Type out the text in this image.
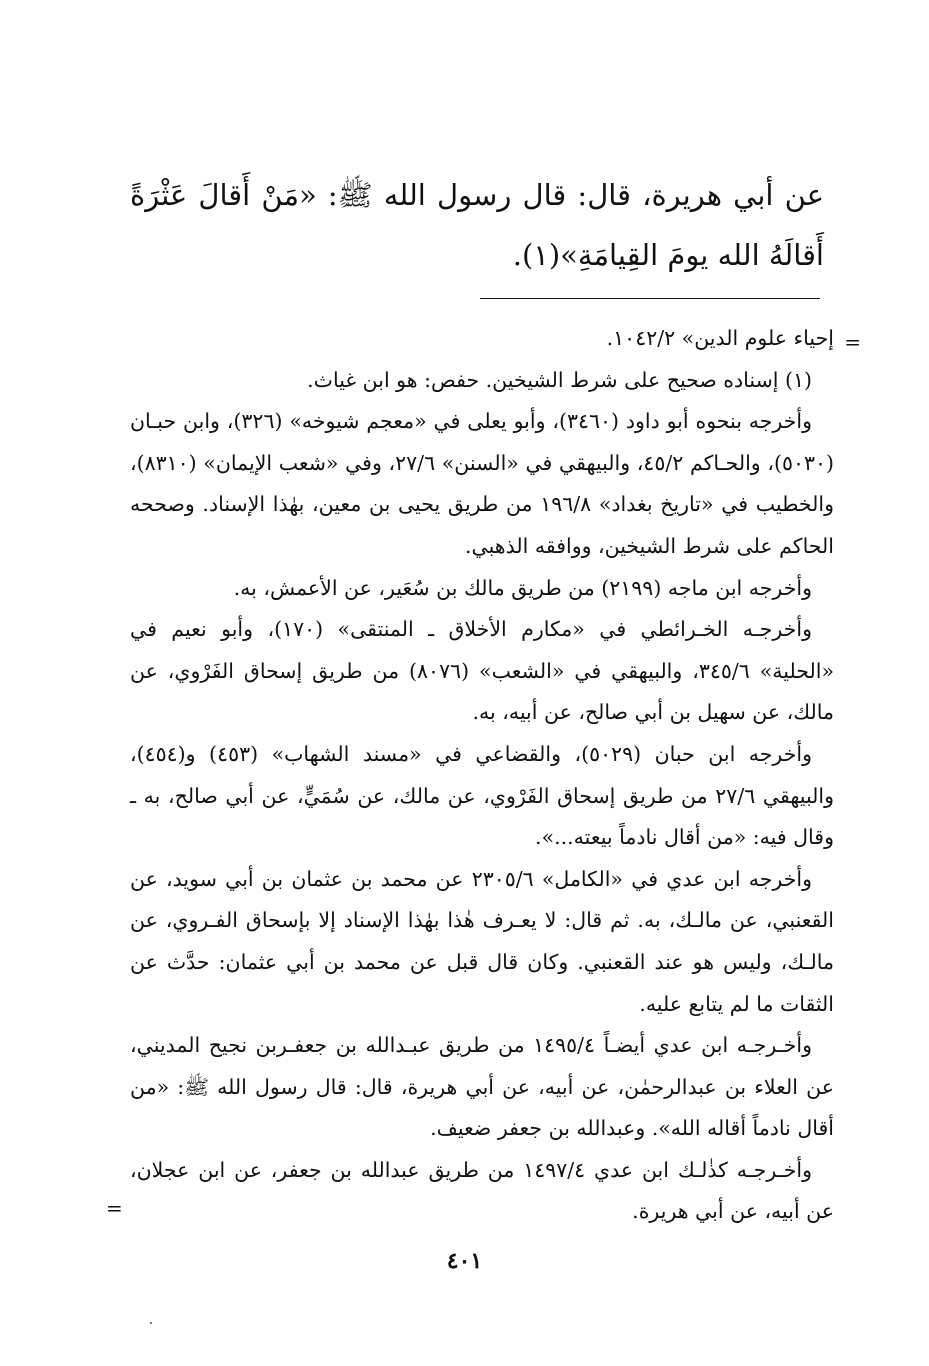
عن أبي هريرة، قال: قال رسول الله ﷺ: «مَنْ أَقالَ عَثْرَةً أَقالَهُ الله يومَ القِيامَةِ»(١).

=

إحياء علوم الدين» ١٠٤٢/٢.

(١) إسناده صحيح على شرط الشيخين. حفص: هو ابن غياث.

وأخرجه بنحوه أبو داود (٣٤٦٠)، وأبو يعلى في «معجم شيوخه» (٣٢٦)، وابن حبـان (٥٠٣٠)، والحـاكم ٤٥/٢، والبيهقي في «السنن» ٢٧/٦، وفي «شعب الإيمان» (٨٣١٠)، والخطيب في «تاريخ بغداد» ١٩٦/٨ من طريق يحيى بن معين، بهٰذا الإسناد. وصححه الحاكم على شرط الشيخين، ووافقه الذهبي.

وأخرجه ابن ماجه (٢١٩٩) من طريق مالك بن سُعَير، عن الأعمش، به.

وأخرجـه الخـرائطي في «مكارم الأخلاق ـ المنتقى» (١٧٠)، وأبو نعيم في «الحلية» ٣٤٥/٦، والبيهقي في «الشعب» (٨٠٧٦) من طريق إسحاق الفَرْوي، عن مالك، عن سهيل بن أبي صالح، عن أبيه، به.

وأخرجه ابن حبان (٥٠٢٩)، والقضاعي في «مسند الشهاب» (٤٥٣) و(٤٥٤)، والبيهقي ٢٧/٦ من طريق إسحاق الفَرْوي، عن مالك، عن سُمَيٍّ، عن أبي صالح، به ـ وقال فيه: «من أقال نادماً بيعته...».

وأخرجه ابن عدي في «الكامل» ٢٣٠٥/٦ عن محمد بن عثمان بن أبي سويد، عن القعنبي، عن مالـك، به. ثم قال: لا يعـرف هٰذا بهٰذا الإسناد إلا بإسحاق الفـروي، عن مالـك، وليس هو عند القعنبي. وكان قال قبل عن محمد بن أبي عثمان: حدَّث عن الثقات ما لم يتابع عليه.

وأخـرجـه ابن عدي أيضـاً ١٤٩٥/٤ من طريق عبـدالله بن جعفـربن نجيح المديني، عن العلاء بن عبدالرحمٰن، عن أبيه، عن أبي هريرة، قال: قال رسول الله ﷺ: «من أقال نادماً أقاله الله». وعبدالله بن جعفر ضعيف.

وأخـرجـه كذٰلـك ابن عدي ١٤٩٧/٤ من طريق عبدالله بن جعفر، عن ابن عجلان، عن أبيه، عن أبي هريرة.

=
٤٠١
